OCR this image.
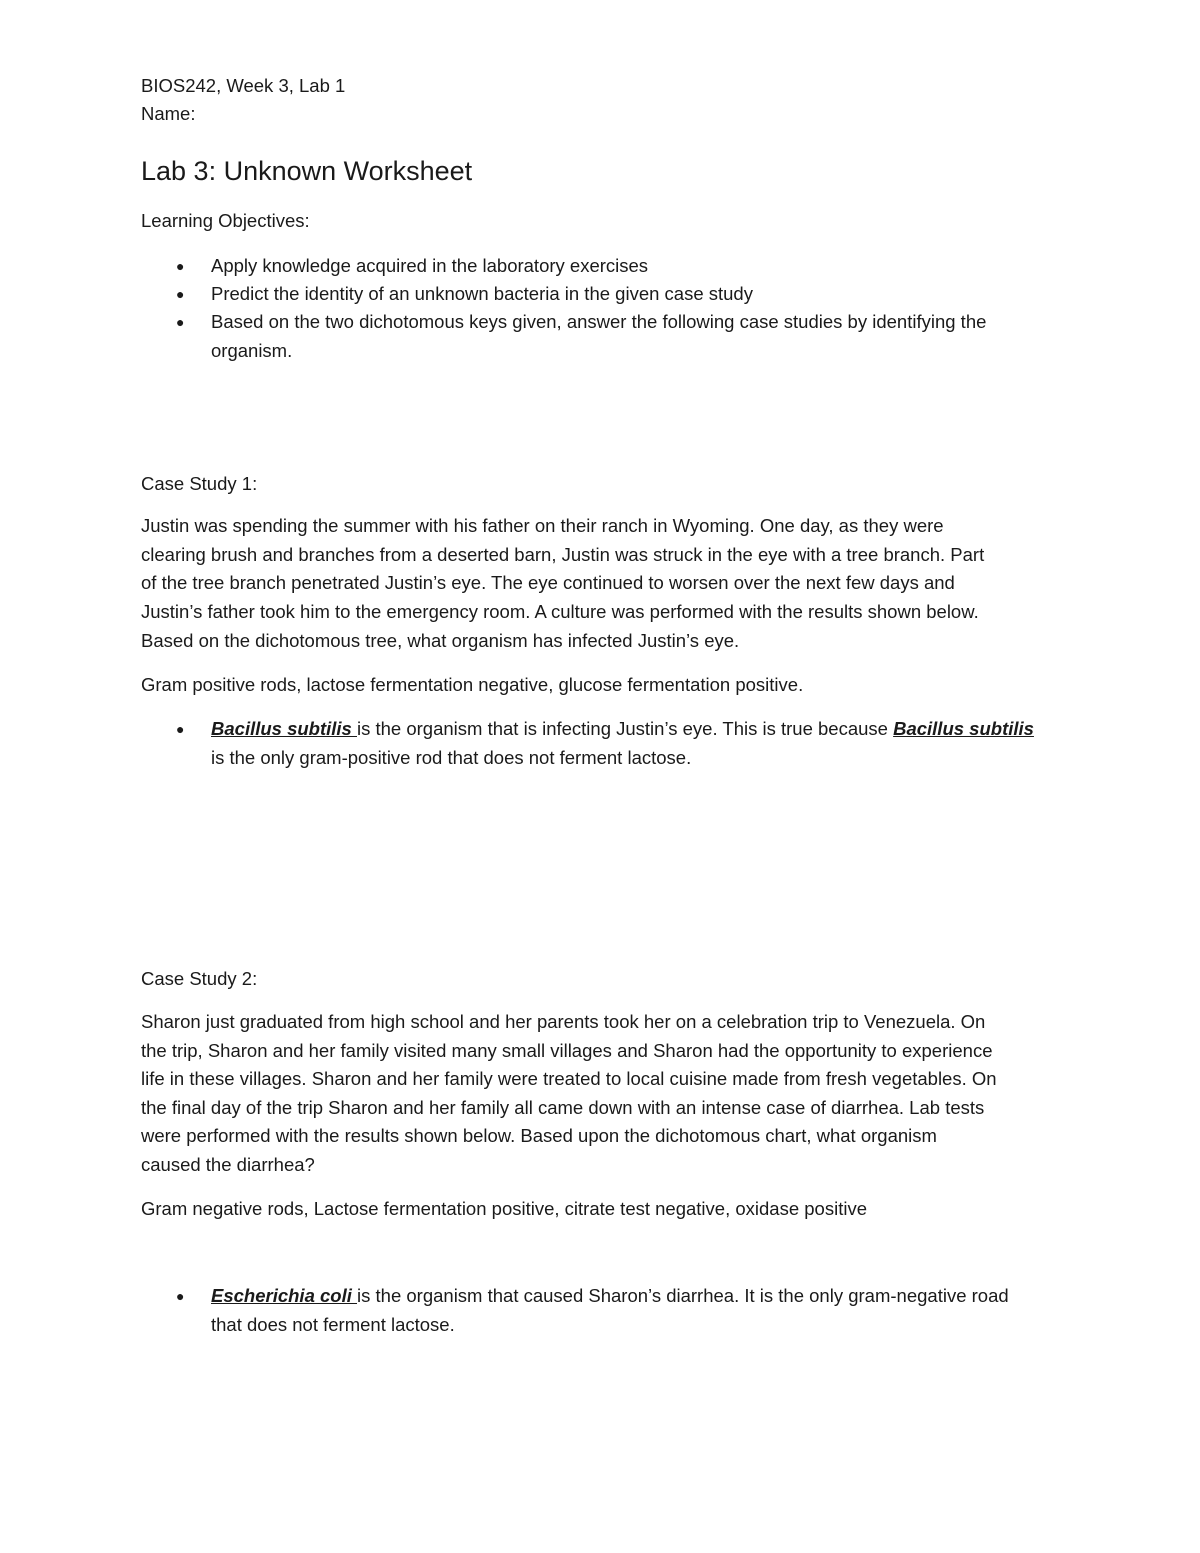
BIOS242, Week 3, Lab 1

Name:

Lab 3: Unknown Worksheet

Learning Objectives:

● Apply knowledge acquired in the laboratory exercises
● Predict the identity of an unknown bacteria in the given case study
● Based on the two dichotomous keys given, answer the following case studies by identifying the
organism.

Case Study 1:

Justin was spending the summer with his father on their ranch in Wyoming. One day, as they were

clearing brush and branches from a deserted barn, Justin was struck in the eye with a tree branch. Part

of the tree branch penetrated Justin’s eye. The eye continued to worsen over the next few days and

Justin’s father took him to the emergency room. A culture was performed with the results shown below.

Based on the dichotomous tree, what organism has infected Justin’s eye.

Gram positive rods, lactose fermentation negative, glucose fermentation positive.

● Bacillus subtilis is the organism that is infecting Justin’s eye. This is true because Bacillus subtilis
is the only gram-positive rod that does not ferment lactose.

Case Study 2:

Sharon just graduated from high school and her parents took her on a celebration trip to Venezuela. On

the trip, Sharon and her family visited many small villages and Sharon had the opportunity to experience

life in these villages. Sharon and her family were treated to local cuisine made from fresh vegetables. On

the final day of the trip Sharon and her family all came down with an intense case of diarrhea. Lab tests

were performed with the results shown below. Based upon the dichotomous chart, what organism

caused the diarrhea?

Gram negative rods, Lactose fermentation positive, citrate test negative, oxidase positive

● Escherichia coli is the organism that caused Sharon’s diarrhea. It is the only gram-negative road
that does not ferment lactose.
